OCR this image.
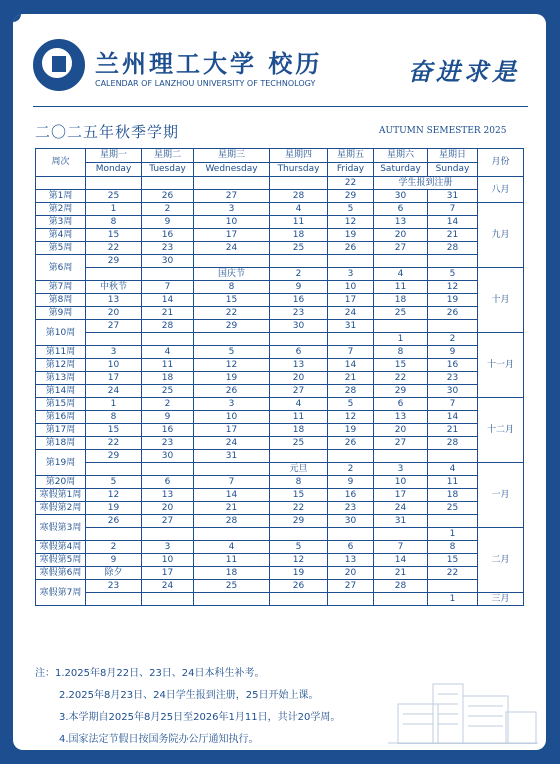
兰州理工大学 校历
CALENDAR OF LANZHOU UNIVERSITY OF TECHNOLOGY	奋进求是
二〇二五年秋季学期	AUTUMN SEMESTER 2025
周次	星期一	星期二	星期三	星期四	星期五	星期六	星期日	月份
	Monday	Tuesday	Wednesday	Thursday	Friday	Saturday	Sunday	
					22	学生报到注册		八月
第1周	25	26	27	28	29	30	31	
第2周	1	2	3	4	5	6	7	九月
第3周	8	9	10	11	12	13	14	
第4周	15	16	17	18	19	20	21	
第5周	22	23	24	25	26	27	28	
第6周	29	30						
			国庆节	2	3	4	5	十月
第7周	中秋节	7	8	9	10	11	12	
第8周	13	14	15	16	17	18	19	
第9周	20	21	22	23	24	25	26	
第10周	27	28	29	30	31			
						1	2	十一月
第11周	3	4	5	6	7	8	9	
第12周	10	11	12	13	14	15	16	
第13周	17	18	19	20	21	22	23	
第14周	24	25	26	27	28	29	30	
第15周	1	2	3	4	5	6	7	十二月
第16周	8	9	10	11	12	13	14	
第17周	15	16	17	18	19	20	21	
第18周	22	23	24	25	26	27	28	
第19周	29	30	31					
				元旦	2	3	4	一月
第20周	5	6	7	8	9	10	11	
寒假第1周	12	13	14	15	16	17	18	
寒假第2周	19	20	21	22	23	24	25	
寒假第3周	26	27	28	29	30	31		
							1	二月
寒假第4周	2	3	4	5	6	7	8	
寒假第5周	9	10	11	12	13	14	15	
寒假第6周	除夕	17	18	19	20	21	22	
寒假第7周	23	24	25	26	27	28		
							1	三月
注：1.2025年8月22日、23日、24日本科生补考。
2.2025年8月23日、24日学生报到注册，25日开始上课。
3.本学期自2025年8月25日至2026年1月11日，共计20学周。
4.国家法定节假日按国务院办公厅通知执行。
